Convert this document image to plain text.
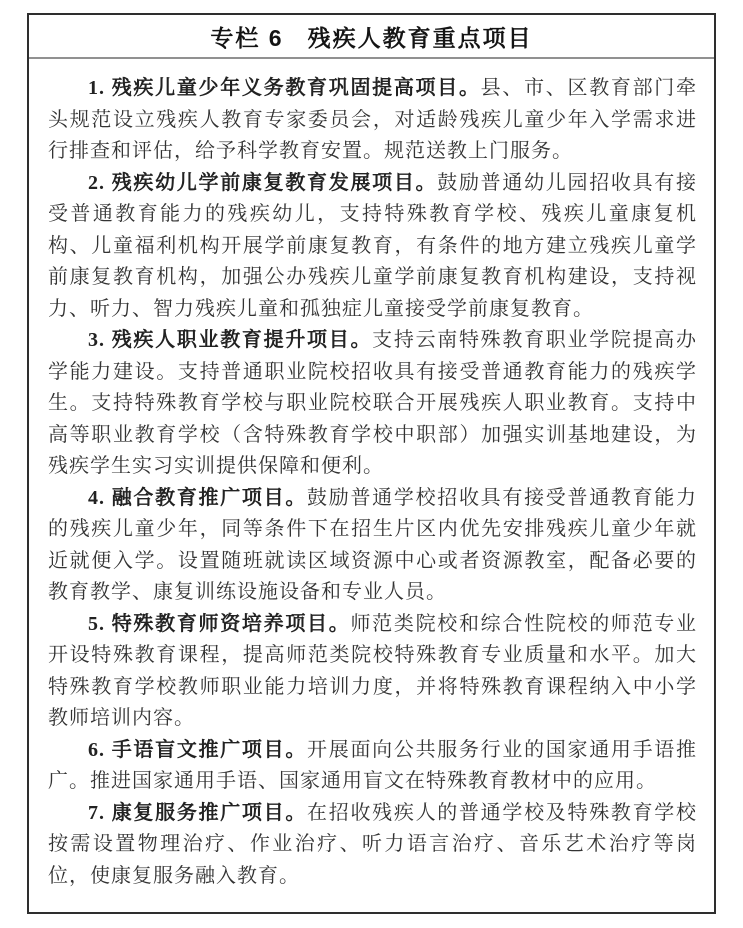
专栏 6 残疾人教育重点项目

1. 残疾儿童少年义务教育巩固提高项目。县、市、区教育部门牵头规范设立残疾人教育专家委员会，对适龄残疾儿童少年入学需求进行排查和评估，给予科学教育安置。规范送教上门服务。

2. 残疾幼儿学前康复教育发展项目。鼓励普通幼儿园招收具有接受普通教育能力的残疾幼儿，支持特殊教育学校、残疾儿童康复机构、儿童福利机构开展学前康复教育，有条件的地方建立残疾儿童学前康复教育机构，加强公办残疾儿童学前康复教育机构建设，支持视力、听力、智力残疾儿童和孤独症儿童接受学前康复教育。

3. 残疾人职业教育提升项目。支持云南特殊教育职业学院提高办学能力建设。支持普通职业院校招收具有接受普通教育能力的残疾学生。支持特殊教育学校与职业院校联合开展残疾人职业教育。支持中高等职业教育学校（含特殊教育学校中职部）加强实训基地建设，为残疾学生实习实训提供保障和便利。

4. 融合教育推广项目。鼓励普通学校招收具有接受普通教育能力的残疾儿童少年，同等条件下在招生片区内优先安排残疾儿童少年就近就便入学。设置随班就读区域资源中心或者资源教室，配备必要的教育教学、康复训练设施设备和专业人员。

5. 特殊教育师资培养项目。师范类院校和综合性院校的师范专业开设特殊教育课程，提高师范类院校特殊教育专业质量和水平。加大特殊教育学校教师职业能力培训力度，并将特殊教育课程纳入中小学教师培训内容。

6. 手语盲文推广项目。开展面向公共服务行业的国家通用手语推广。推进国家通用手语、国家通用盲文在特殊教育教材中的应用。

7. 康复服务推广项目。在招收残疾人的普通学校及特殊教育学校按需设置物理治疗、作业治疗、听力语言治疗、音乐艺术治疗等岗位，使康复服务融入教育。
